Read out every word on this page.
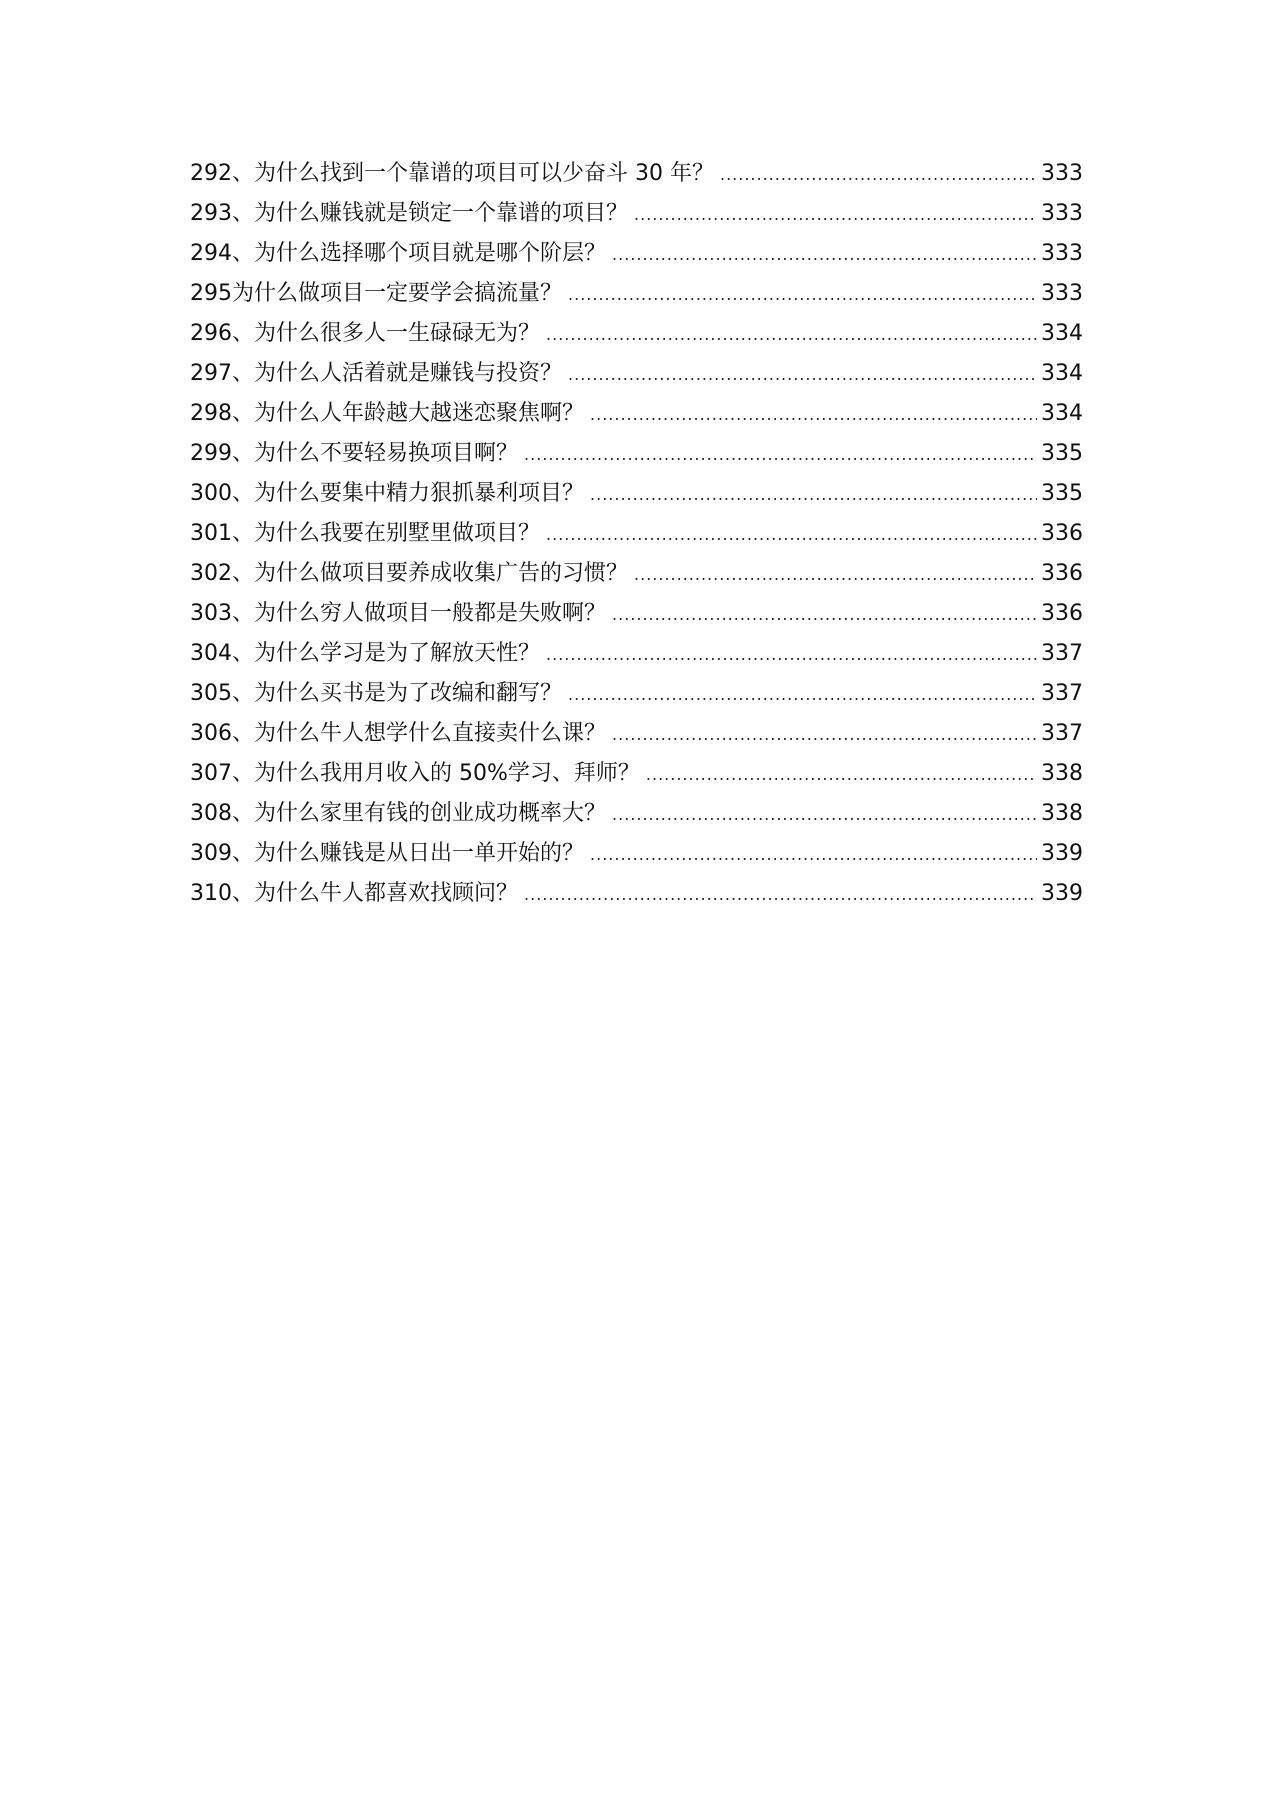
292、 为什么找到一个靠谱的项目可以少奋斗 30 年？ .....	333
293、 为什么赚钱就是锁定一个靠谱的项目？ .....	333
294、 为什么选择哪个项目就是哪个阶层？ .....	333
295 为什么做项目一定要学会搞流量？ .....	333
296、 为什么很多人一生碌碌无为？ .....	334
297、 为什么人活着就是赚钱与投资？ .....	334
298、 为什么人年龄越大越迷恋聚焦啊？ .....	334
299、 为什么不要轻易换项目啊？ .....	335
300、 为什么要集中精力狠抓暴利项目？ .....	335
301、 为什么我要在别墅里做项目？ .....	336
302、 为什么做项目要养成收集广告的习惯？ .....	336
303、 为什么穷人做项目一般都是失败啊？ .....	336
304、 为什么学习是为了解放天性？ .....	337
305、 为什么买书是为了改编和翻写？ .....	337
306、 为什么牛人想学什么直接卖什么课？ .....	337
307、 为什么我用月收入的 50%学习、拜师？ .....	338
308、 为什么家里有钱的创业成功概率大？ .....	338
309、 为什么赚钱是从日出一单开始的？ .....	339
310、 为什么牛人都喜欢找顾问？ .....	339
